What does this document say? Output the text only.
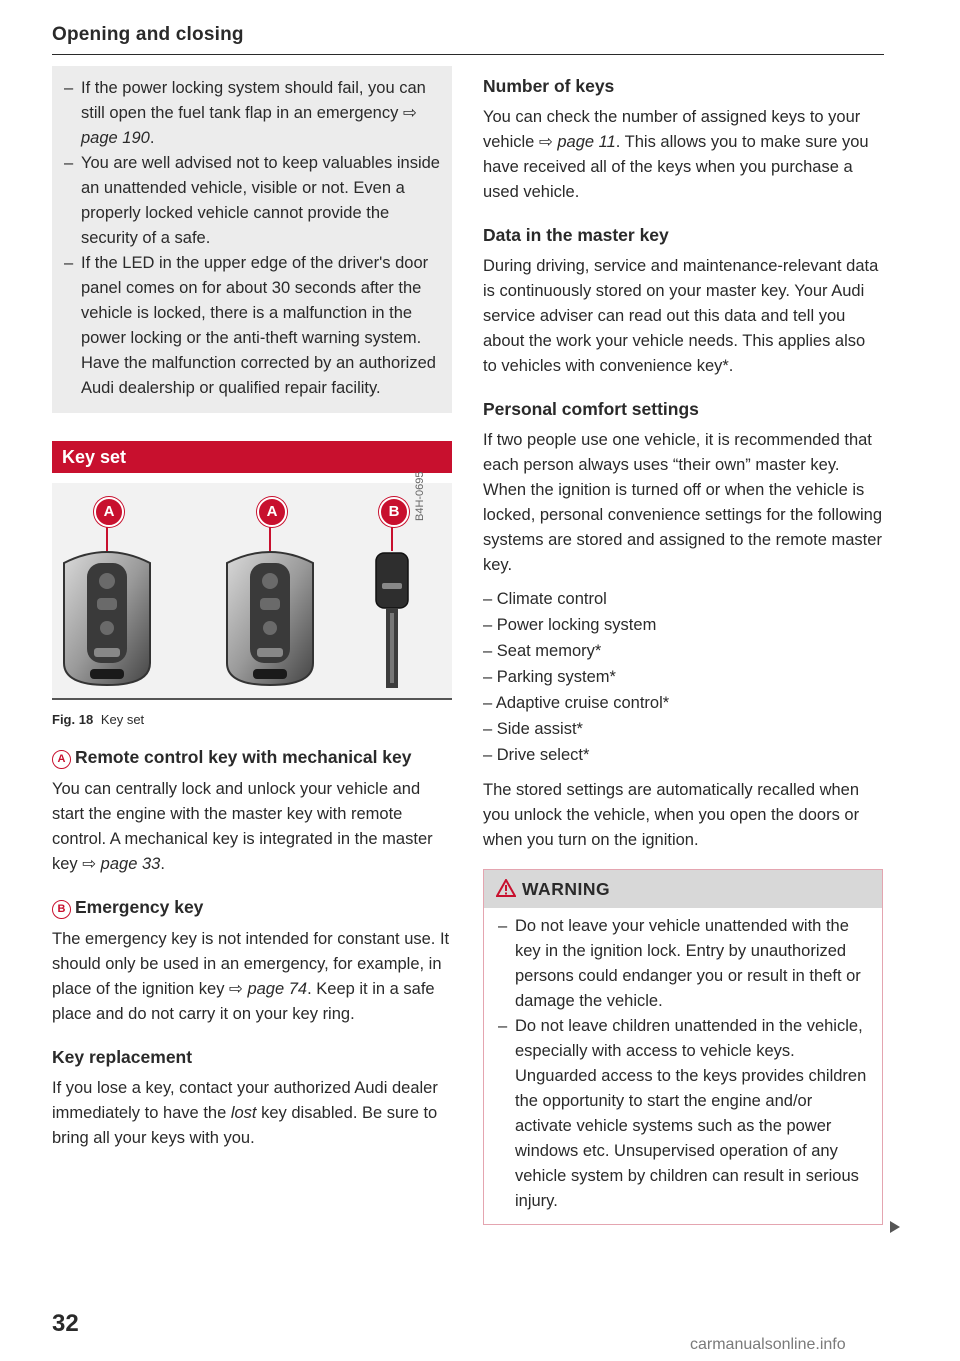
Opening and closing
– If the power locking system should fail, you can still open the fuel tank flap in an emergency ⇨ page 190.
– You are well advised not to keep valuables inside an unattended vehicle, visible or not. Even a properly locked vehicle cannot provide the security of a safe.
– If the LED in the upper edge of the driver's door panel comes on for about 30 seconds after the vehicle is locked, there is a malfunction in the power locking or the anti-theft warning system. Have the malfunction corrected by an authorized Audi dealership or qualified repair facility.
Key set
A	A	B	B4H-0695
Fig. 18 Key set
A Remote control key with mechanical key

You can centrally lock and unlock your vehicle and start the engine with the master key with remote control. A mechanical key is integrated in the master key ⇨ page 33.

B Emergency key

The emergency key is not intended for constant use. It should only be used in an emergency, for example, in place of the ignition key ⇨ page 74. Keep it in a safe place and do not carry it on your key ring.

Key replacement

If you lose a key, contact your authorized Audi dealer immediately to have the lost key disabled. Be sure to bring all your keys with you.

Number of keys

You can check the number of assigned keys to your vehicle ⇨ page 11. This allows you to make sure you have received all of the keys when you purchase a used vehicle.

Data in the master key

During driving, service and maintenance-relevant data is continuously stored on your master key. Your Audi service adviser can read out this data and tell you about the work your vehicle needs. This applies also to vehicles with convenience key*.

Personal comfort settings

If two people use one vehicle, it is recommended that each person always uses “their own” master key. When the ignition is turned off or when the vehicle is locked, personal convenience settings for the following systems are stored and assigned to the remote master key.

– Climate control
– Power locking system
– Seat memory*
– Parking system*
– Adaptive cruise control*
– Side assist*
– Drive select*

The stored settings are automatically recalled when you unlock the vehicle, when you open the doors or when you turn on the ignition.

WARNING
– Do not leave your vehicle unattended with the key in the ignition lock. Entry by unauthorized persons could endanger you or result in theft or damage the vehicle.
– Do not leave children unattended in the vehicle, especially with access to vehicle keys. Unguarded access to the keys provides children the opportunity to start the engine and/or activate vehicle systems such as the power windows etc. Unsupervised operation of any vehicle system by children can result in serious injury.
32
carmanualsonline.info
